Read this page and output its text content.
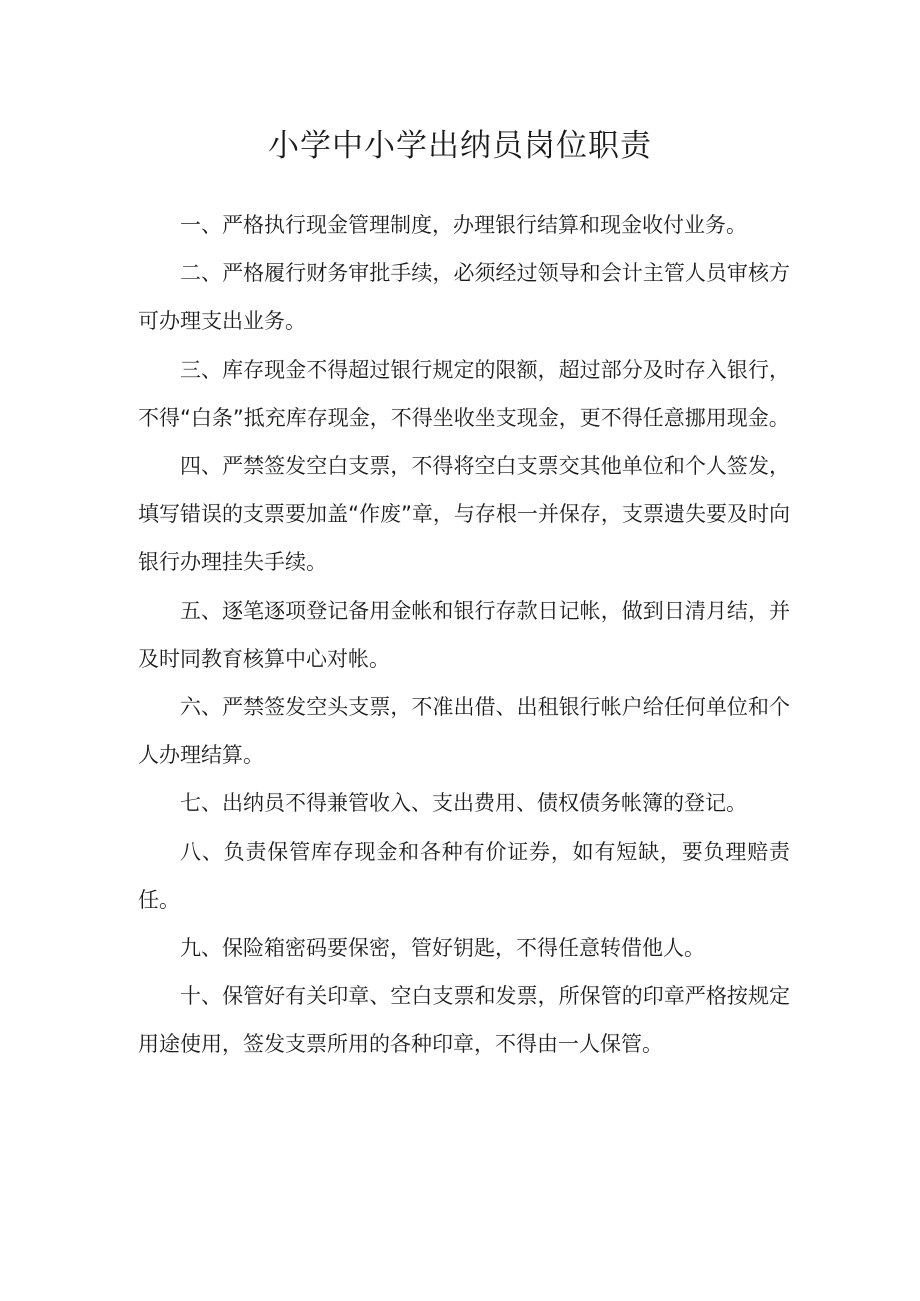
小学中小学出纳员岗位职责

一、严格执行现金管理制度，办理银行结算和现金收付业务。

二、严格履行财务审批手续，必须经过领导和会计主管人员审核方可办理支出业务。

三、库存现金不得超过银行规定的限额，超过部分及时存入银行，不得“白条”抵充库存现金，不得坐收坐支现金，更不得任意挪用现金。

四、严禁签发空白支票，不得将空白支票交其他单位和个人签发，填写错误的支票要加盖“作废”章，与存根一并保存，支票遗失要及时向银行办理挂失手续。

五、逐笔逐项登记备用金帐和银行存款日记帐，做到日清月结，并及时同教育核算中心对帐。

六、严禁签发空头支票，不准出借、出租银行帐户给任何单位和个人办理结算。

七、出纳员不得兼管收入、支出费用、债权债务帐簿的登记。

八、负责保管库存现金和各种有价证券，如有短缺，要负理赔责任。

九、保险箱密码要保密，管好钥匙，不得任意转借他人。

十、保管好有关印章、空白支票和发票，所保管的印章严格按规定用途使用，签发支票所用的各种印章，不得由一人保管。
